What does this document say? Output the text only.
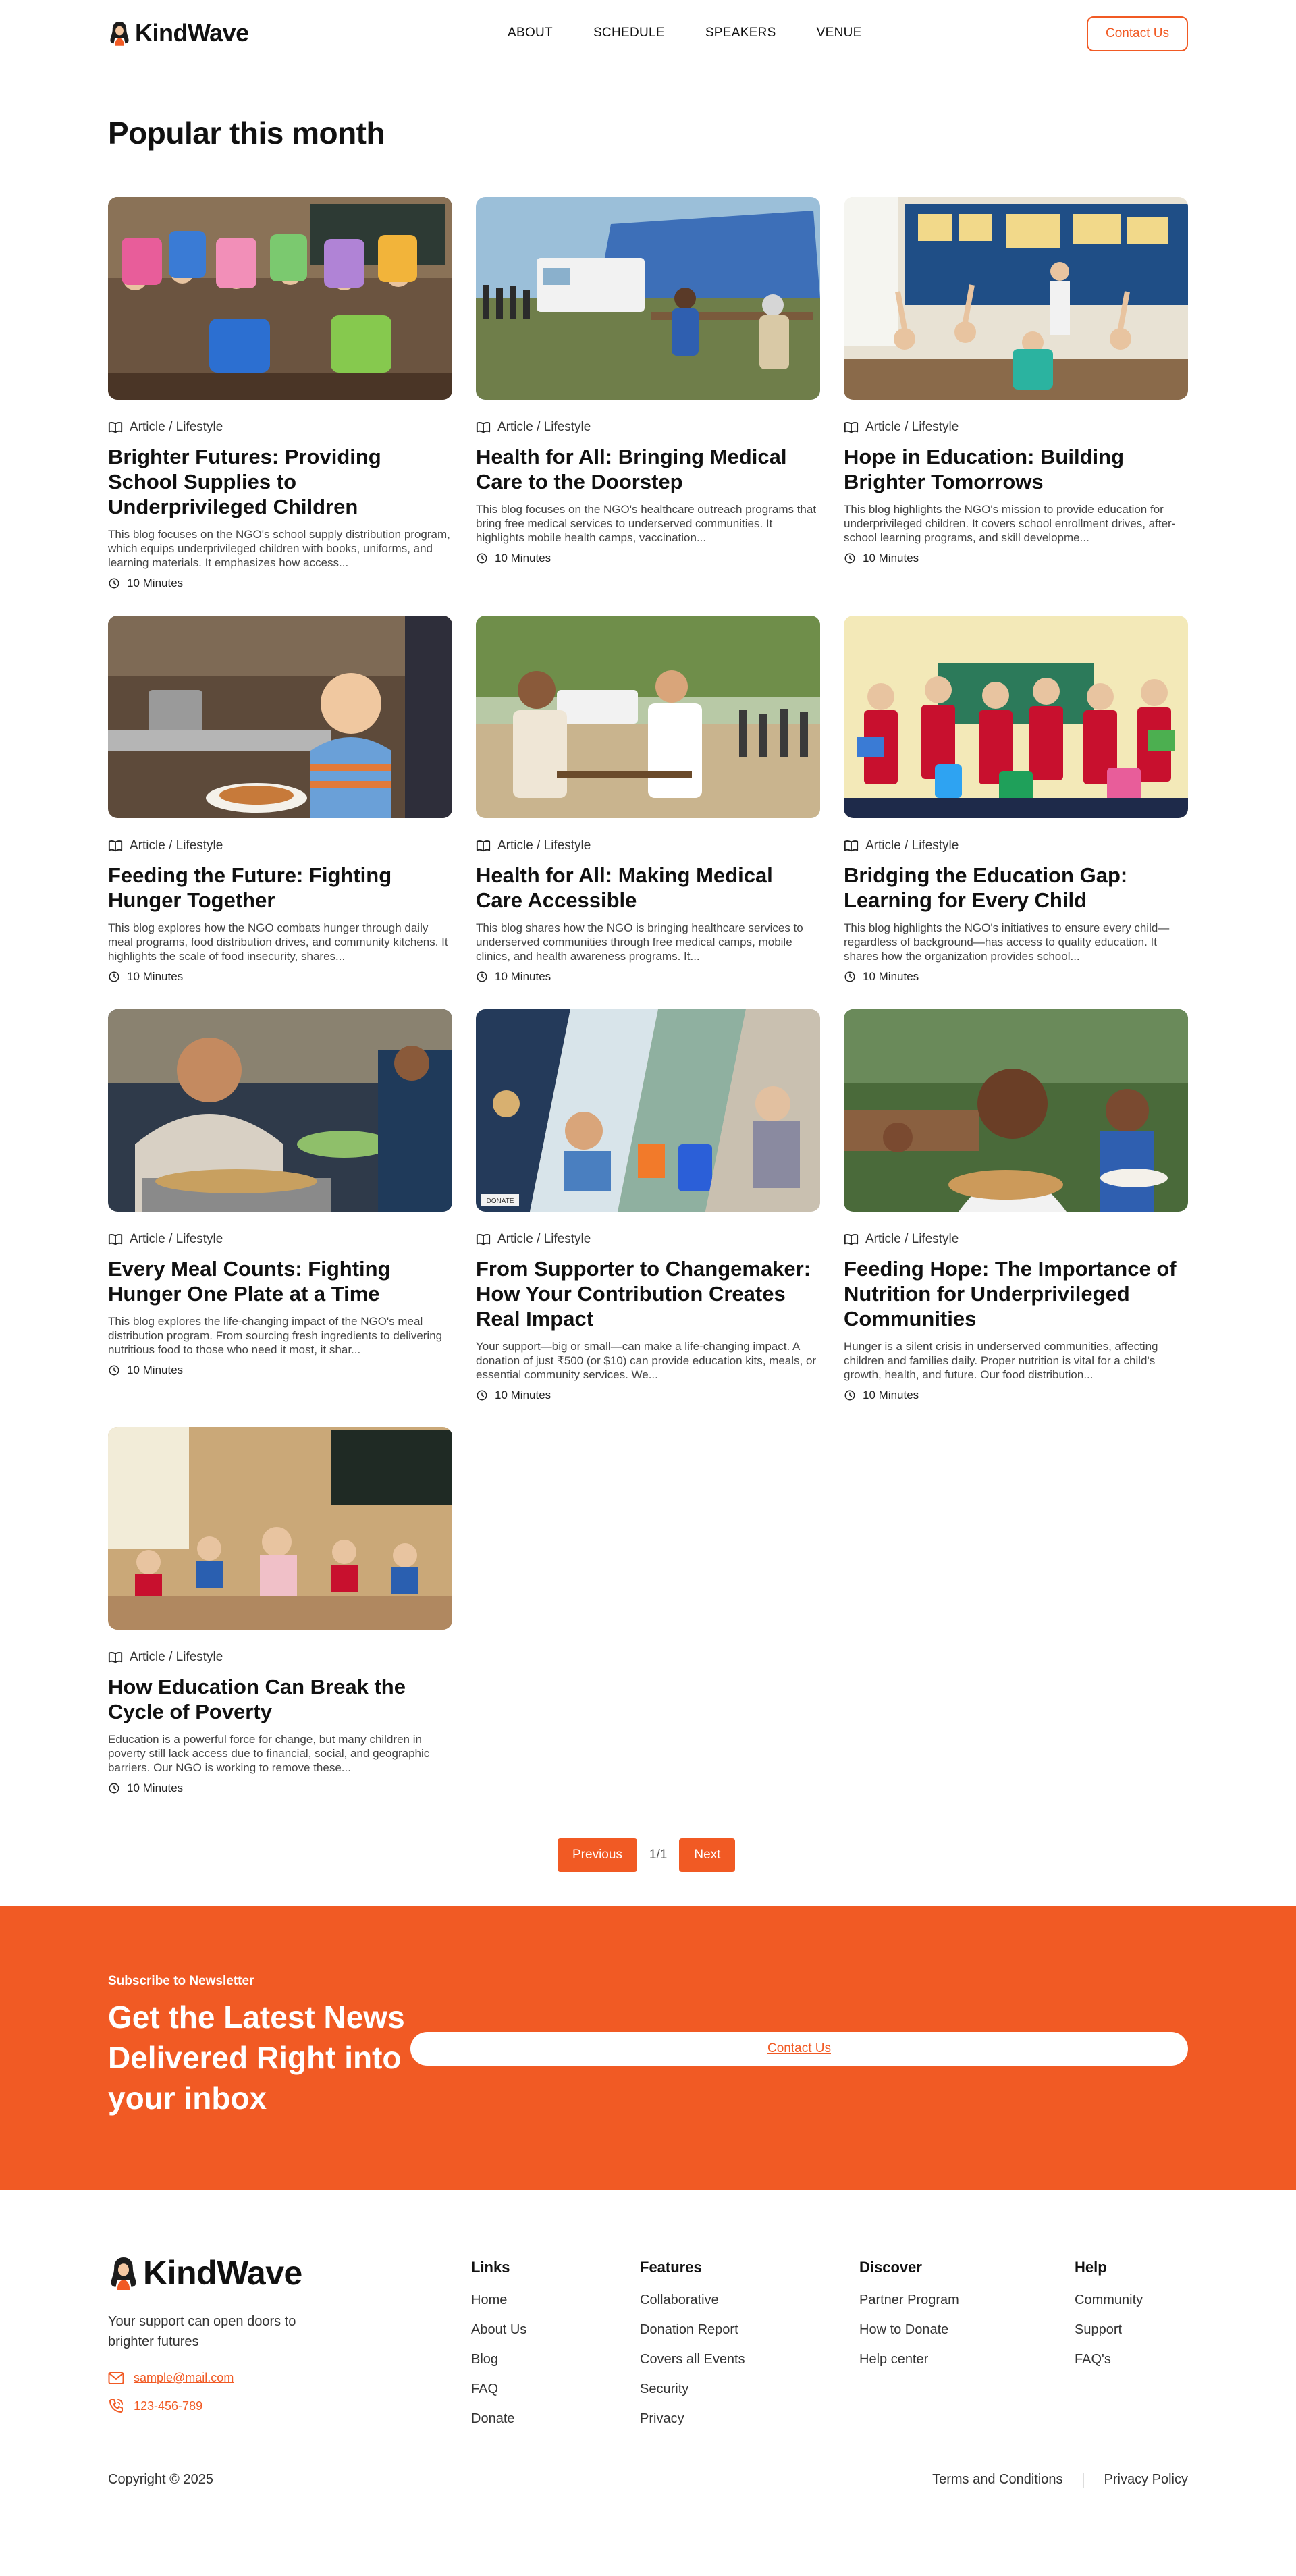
KindWave	ABOUT	SCHEDULE	SPEAKERS	VENUE	Contact Us
Popular this month
Article / Lifestyle
Brighter Futures: Providing School Supplies to Underprivileged Children

This blog focuses on the NGO's school supply distribution program, which equips underprivileged children with books, uniforms, and learning materials. It emphasizes how access...

10 Minutes
Article / Lifestyle
Health for All: Bringing Medical Care to the Doorstep

This blog focuses on the NGO's healthcare outreach programs that bring free medical services to underserved communities. It highlights mobile health camps, vaccination...

10 Minutes
Article / Lifestyle
Hope in Education: Building Brighter Tomorrows

This blog highlights the NGO's mission to provide education for underprivileged children. It covers school enrollment drives, after-school learning programs, and skill developme...

10 Minutes
Article / Lifestyle
Feeding the Future: Fighting Hunger Together

This blog explores how the NGO combats hunger through daily meal programs, food distribution drives, and community kitchens. It highlights the scale of food insecurity, shares...

10 Minutes
Article / Lifestyle
Health for All: Making Medical Care Accessible

This blog shares how the NGO is bringing healthcare services to underserved communities through free medical camps, mobile clinics, and health awareness programs. It...

10 Minutes
Article / Lifestyle
Bridging the Education Gap: Learning for Every Child

This blog highlights the NGO's initiatives to ensure every child—regardless of background—has access to quality education. It shares how the organization provides school...

10 Minutes
Article / Lifestyle
Every Meal Counts: Fighting Hunger One Plate at a Time

This blog explores the life-changing impact of the NGO's meal distribution program. From sourcing fresh ingredients to delivering nutritious food to those who need it most, it shar...

10 Minutes
DONATE
Article / Lifestyle
From Supporter to Changemaker: How Your Contribution Creates Real Impact

Your support—big or small—can make a life-changing impact. A donation of just ₹500 (or $10) can provide education kits, meals, or essential community services. We...

10 Minutes
Article / Lifestyle
Feeding Hope: The Importance of Nutrition for Underprivileged Communities

Hunger is a silent crisis in underserved communities, affecting children and families daily. Proper nutrition is vital for a child's growth, health, and future. Our food distribution...

10 Minutes
Article / Lifestyle
How Education Can Break the Cycle of Poverty

Education is a powerful force for change, but many children in poverty still lack access due to financial, social, and geographic barriers. Our NGO is working to remove these...

10 Minutes
Previous	1/1	Next
Subscribe to Newsletter
Get the Latest News Delivered Right into your inbox
Contact Us
KindWave

Your support can open doors to brighter futures

sample@mail.com
123-456-789
Links
Home
About Us
Blog
FAQ
Donate
Features
Collaborative
Donation Report
Covers all Events
Security
Privacy
Discover
Partner Program
How to Donate
Help center
Help
Community
Support
FAQ's
Copyright © 2025	Terms and Conditions	Privacy Policy
